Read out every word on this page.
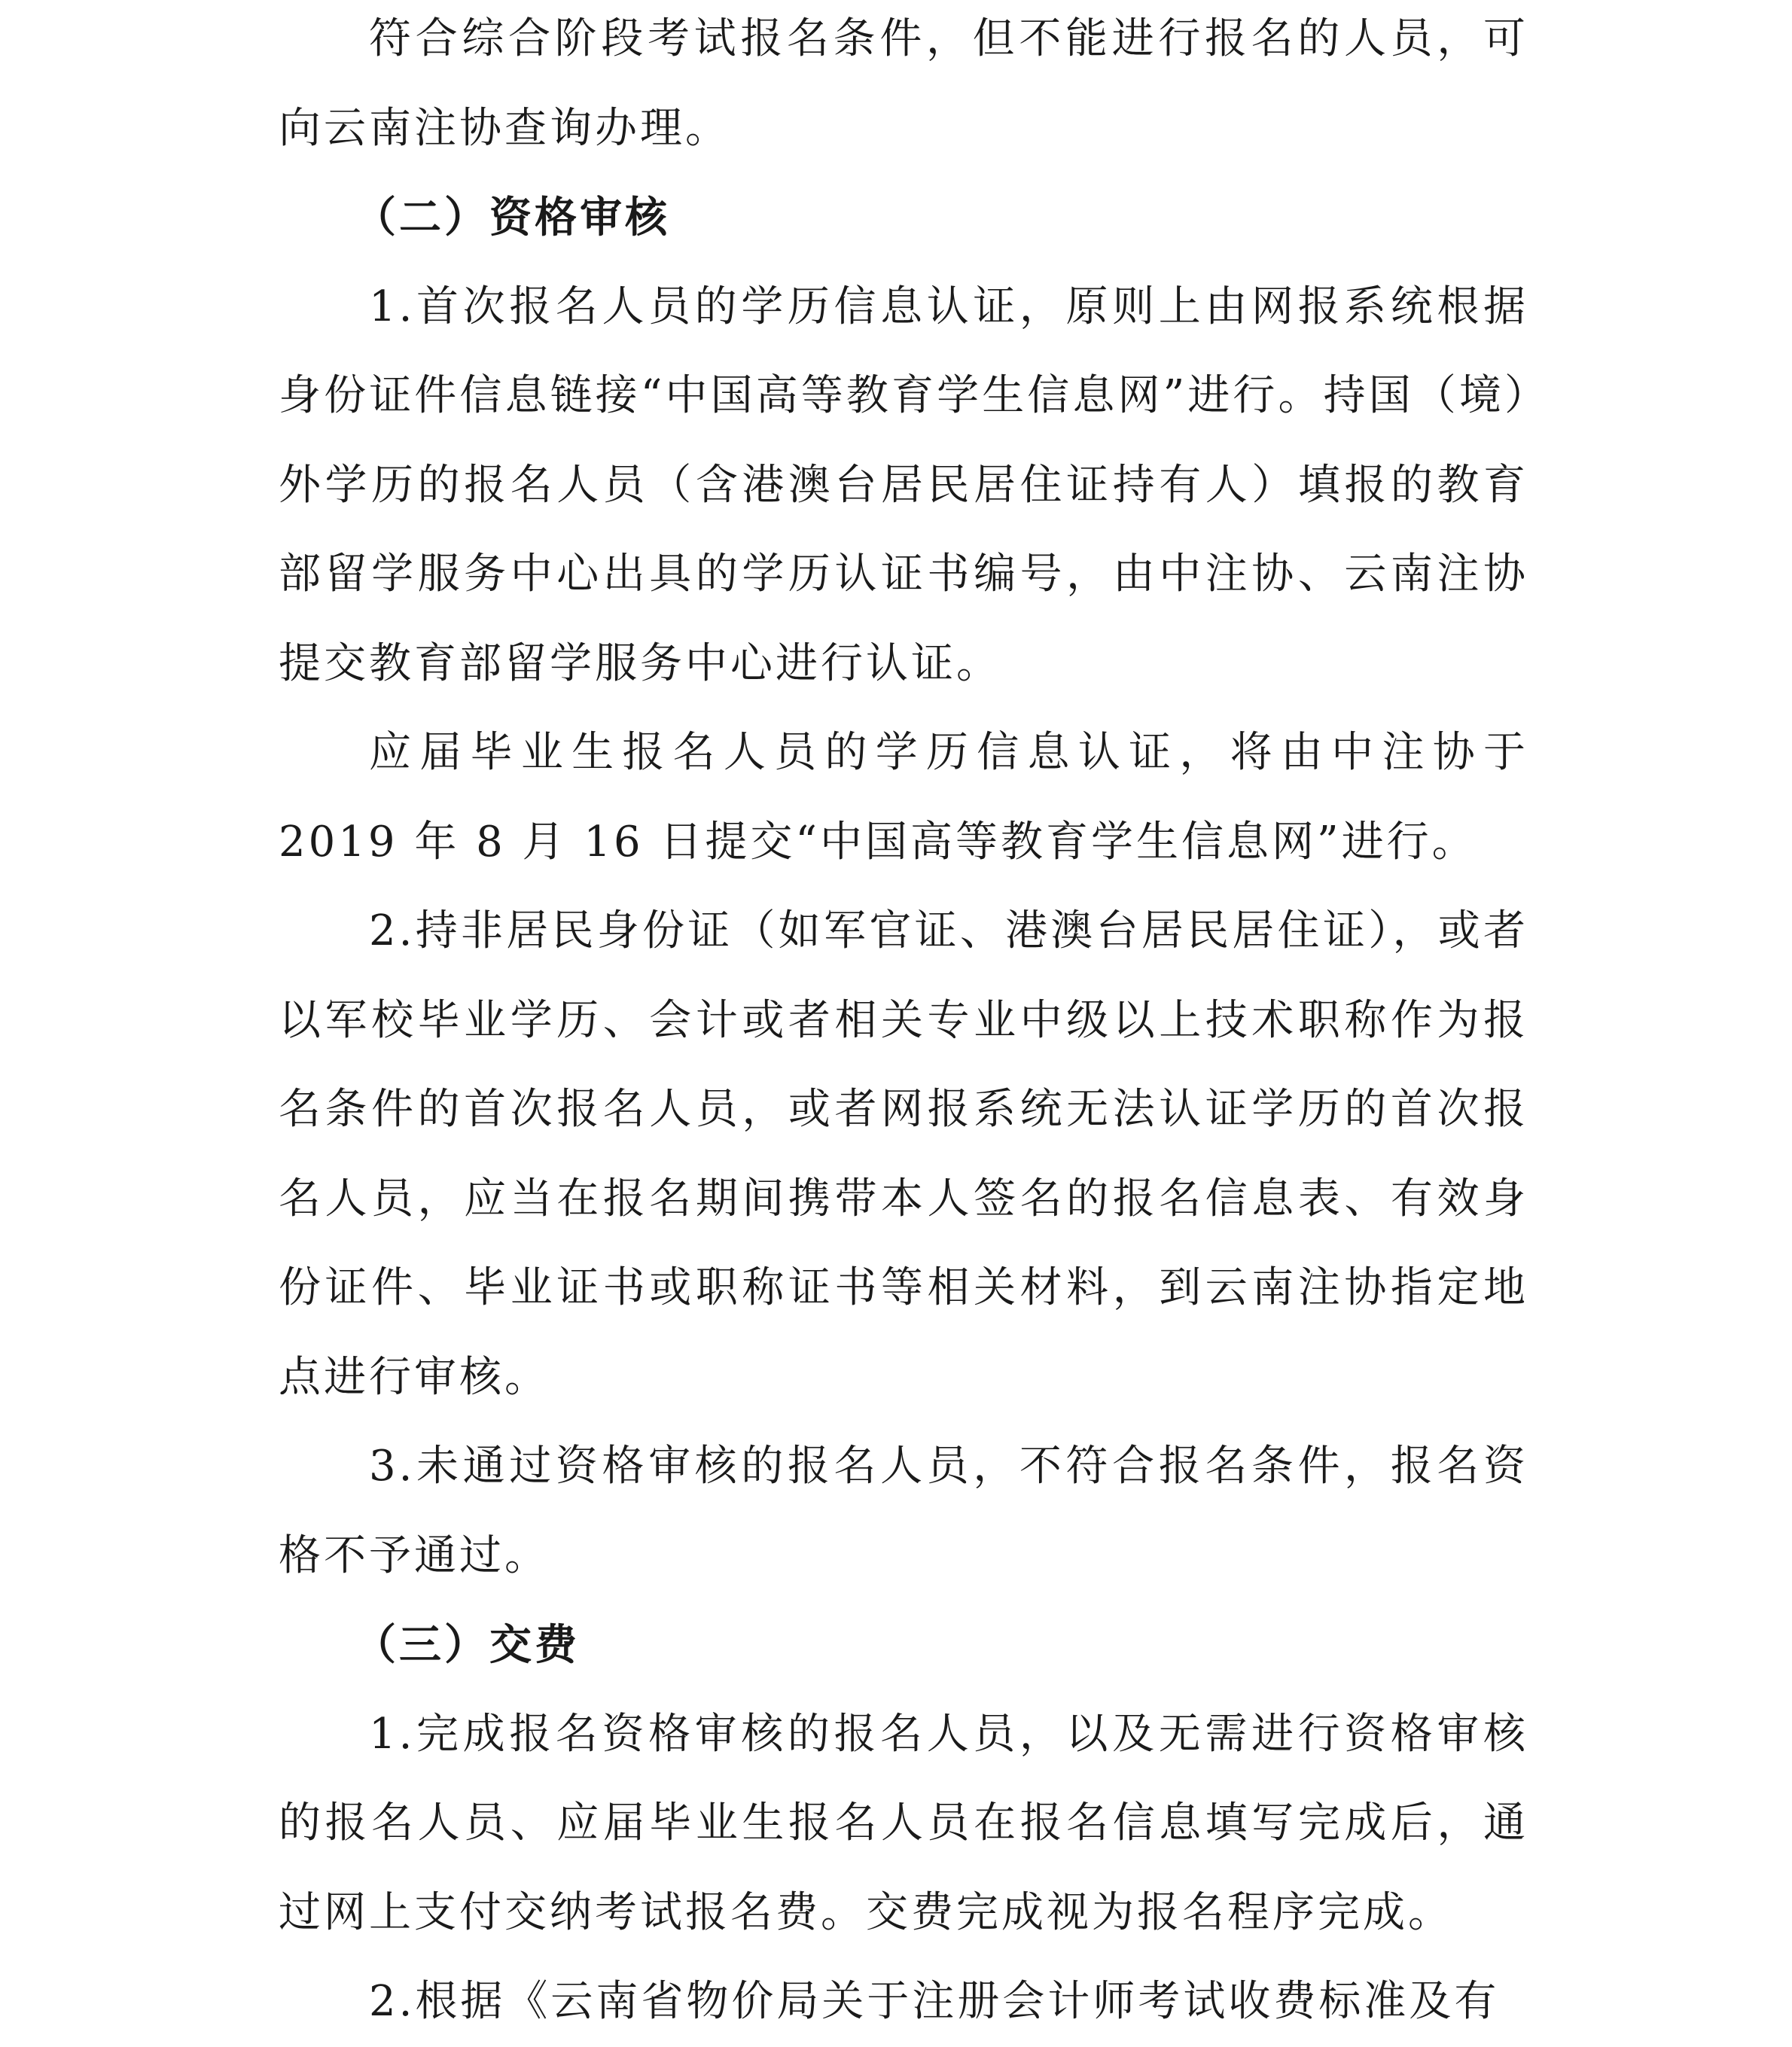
符合综合阶段考试报名条件，但不能进行报名的人员，可向云南注协查询办理。

（二）资格审核

1.首次报名人员的学历信息认证，原则上由网报系统根据身份证件信息链接“中国高等教育学生信息网”进行。持国（境）外学历的报名人员（含港澳台居民居住证持有人）填报的教育部留学服务中心出具的学历认证书编号，由中注协、云南注协提交教育部留学服务中心进行认证。

应届毕业生报名人员的学历信息认证，将由中注协于 2019 年 8 月 16 日提交“中国高等教育学生信息网”进行。

2.持非居民身份证（如军官证、港澳台居民居住证），或者以军校毕业学历、会计或者相关专业中级以上技术职称作为报名条件的首次报名人员，或者网报系统无法认证学历的首次报名人员，应当在报名期间携带本人签名的报名信息表、有效身份证件、毕业证书或职称证书等相关材料，到云南注协指定地点进行审核。

3.未通过资格审核的报名人员，不符合报名条件，报名资格不予通过。

（三）交费

1.完成报名资格审核的报名人员，以及无需进行资格审核的报名人员、应届毕业生报名人员在报名信息填写完成后，通过网上支付交纳考试报名费。交费完成视为报名程序完成。

2.根据《云南省物价局关于注册会计师考试收费标准及有
